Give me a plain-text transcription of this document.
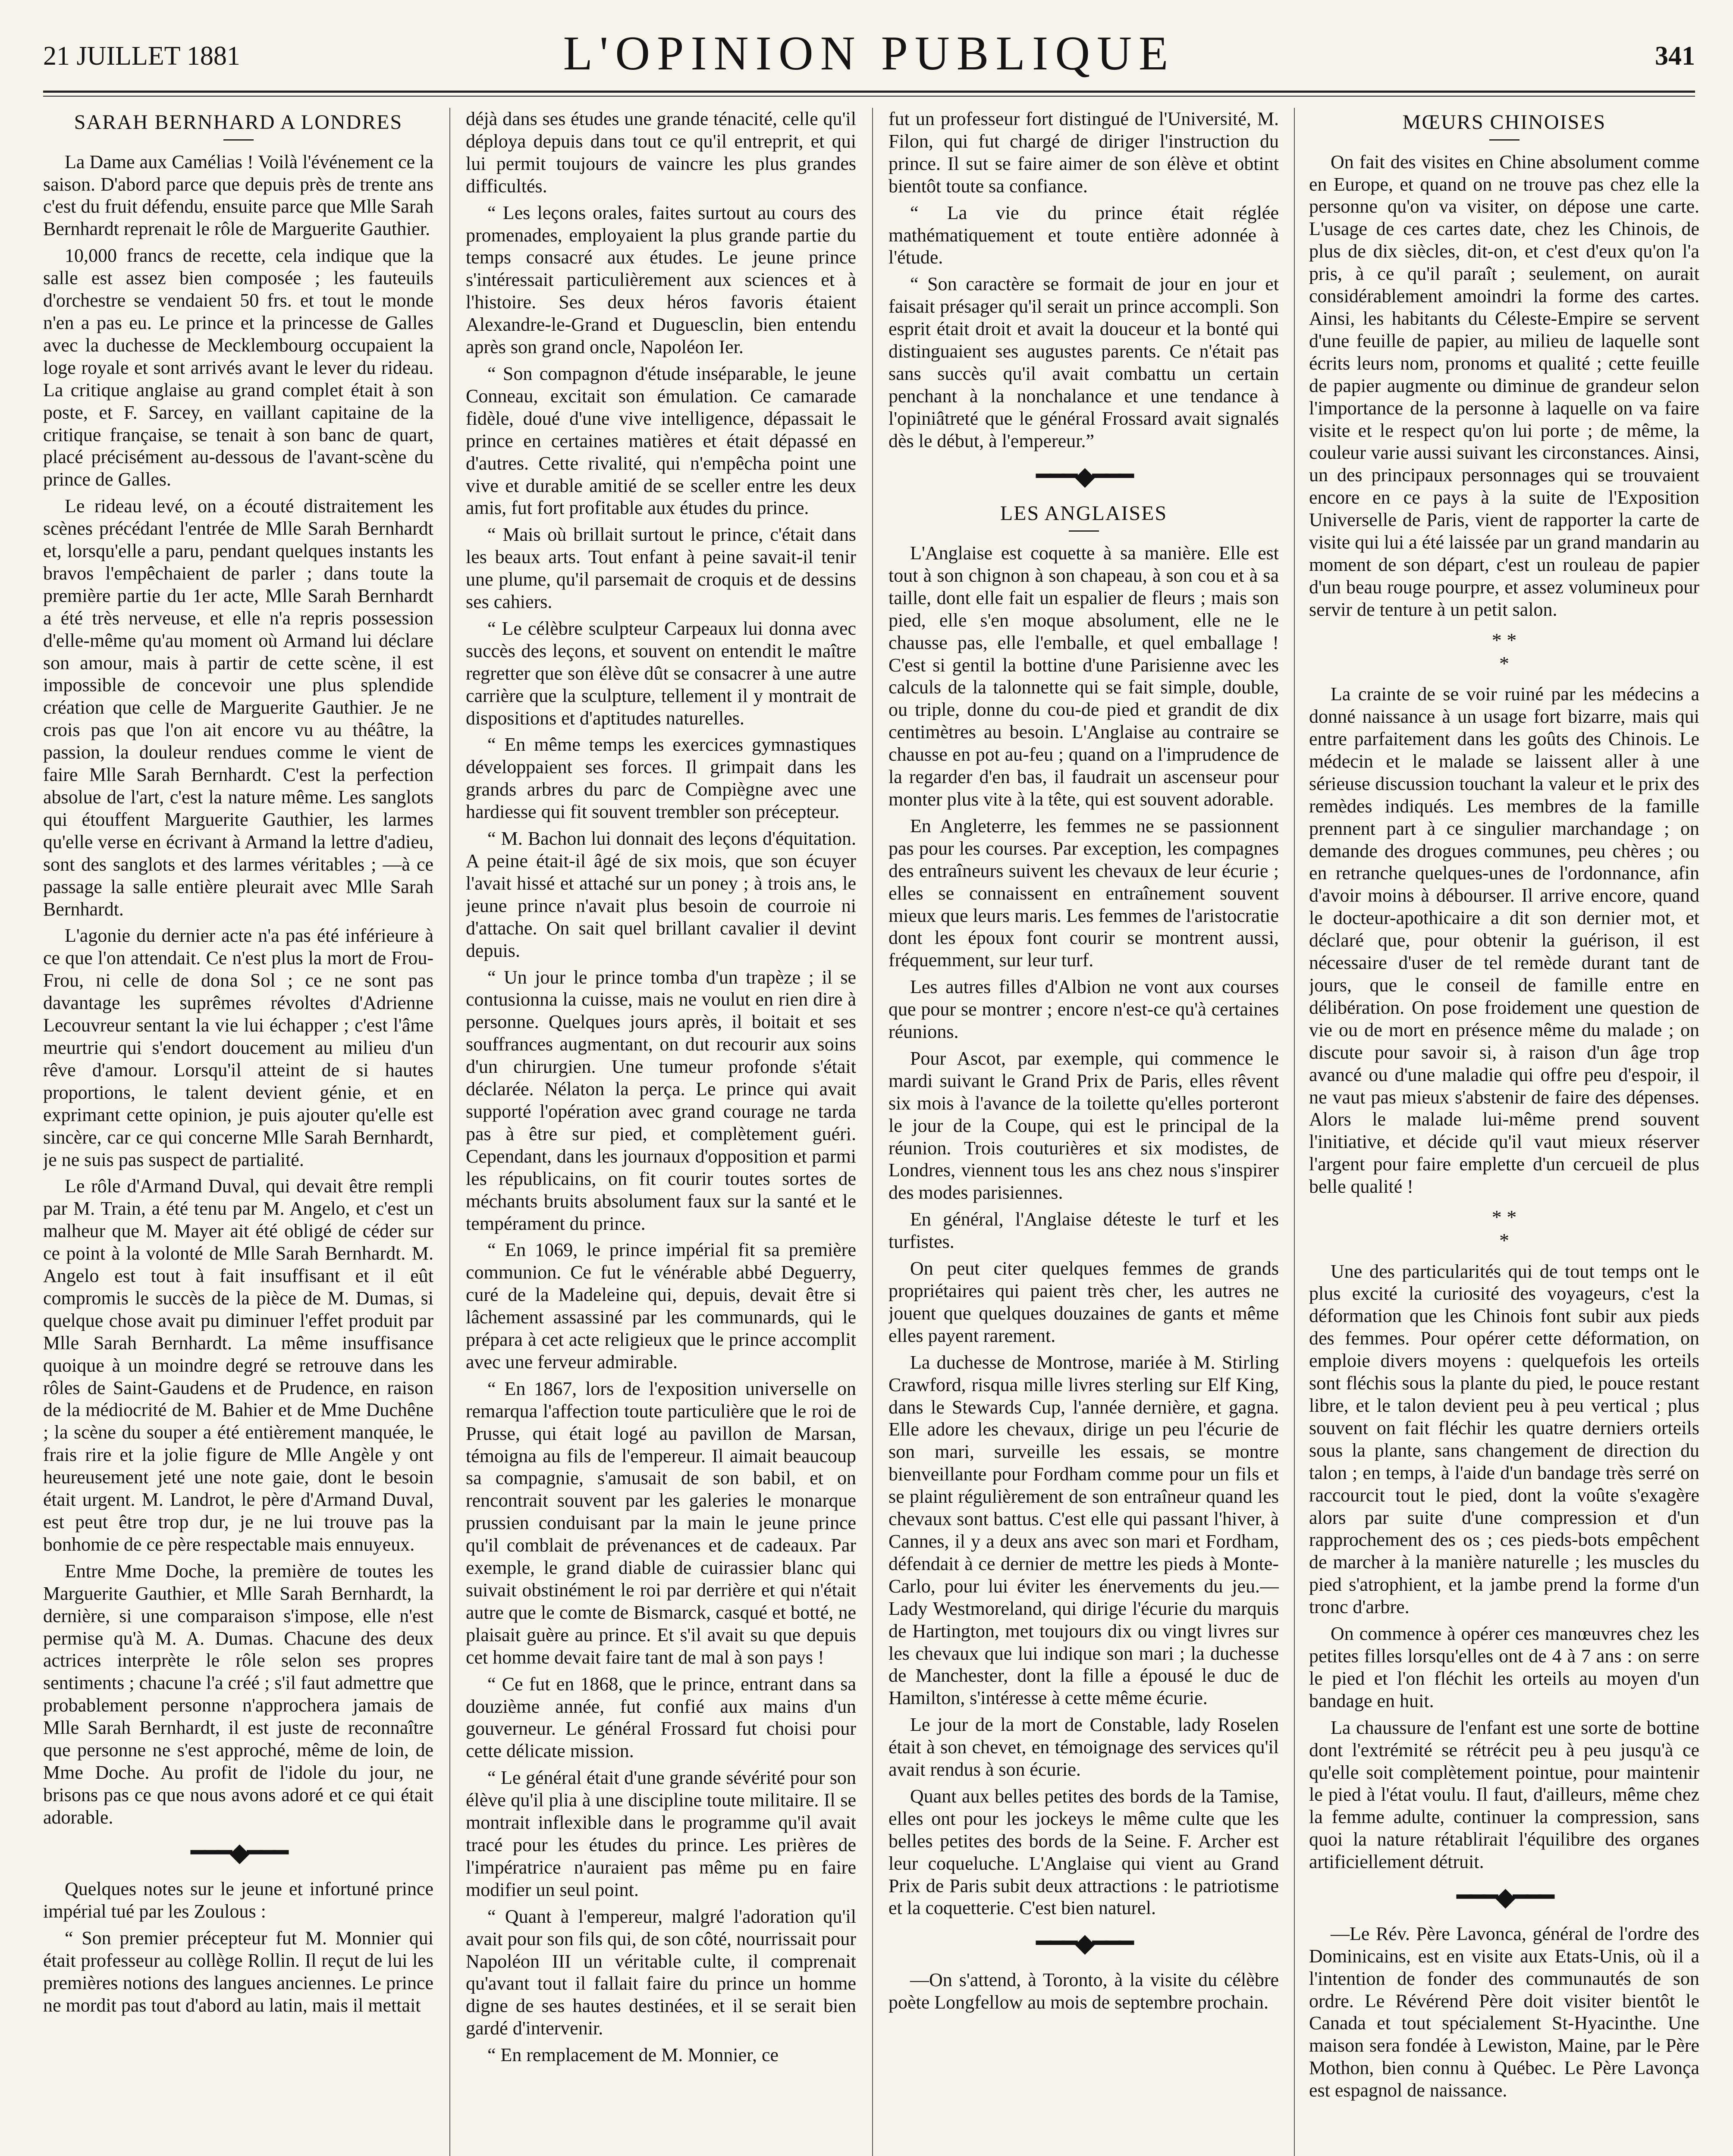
21 JUILLET 1881	L'OPINION PUBLIQUE	341
SARAH BERNHARD A LONDRES

La Dame aux Camélias ! Voilà l'événement ce la saison. D'abord parce que depuis près de trente ans c'est du fruit défendu, ensuite parce que Mlle Sarah Bernhardt reprenait le rôle de Marguerite Gauthier.

10,000 francs de recette, cela indique que la salle est assez bien composée ; les fauteuils d'orchestre se vendaient 50 frs. et tout le monde n'en a pas eu. Le prince et la princesse de Galles avec la duchesse de Mecklembourg occupaient la loge royale et sont arrivés avant le lever du rideau. La critique anglaise au grand complet était à son poste, et F. Sarcey, en vaillant capitaine de la critique française, se tenait à son banc de quart, placé précisément au-dessous de l'avant-scène du prince de Galles.

Le rideau levé, on a écouté distraitement les scènes précédant l'entrée de Mlle Sarah Bernhardt et, lorsqu'elle a paru, pendant quelques instants les bravos l'empêchaient de parler ; dans toute la première partie du 1er acte, Mlle Sarah Bernhardt a été très nerveuse, et elle n'a repris possession d'elle-même qu'au moment où Armand lui déclare son amour, mais à partir de cette scène, il est impossible de concevoir une plus splendide création que celle de Marguerite Gauthier. Je ne crois pas que l'on ait encore vu au théâtre, la passion, la douleur rendues comme le vient de faire Mlle Sarah Bernhardt. C'est la perfection absolue de l'art, c'est la nature même. Les sanglots qui étouffent Marguerite Gauthier, les larmes qu'elle verse en écrivant à Armand la lettre d'adieu, sont des sanglots et des larmes véritables ; —à ce passage la salle entière pleurait avec Mlle Sarah Bernhardt.

L'agonie du dernier acte n'a pas été inférieure à ce que l'on attendait. Ce n'est plus la mort de Frou-Frou, ni celle de dona Sol ; ce ne sont pas davantage les suprêmes révoltes d'Adrienne Lecouvreur sentant la vie lui échapper ; c'est l'âme meurtrie qui s'endort doucement au milieu d'un rêve d'amour. Lorsqu'il atteint de si hautes proportions, le talent devient génie, et en exprimant cette opinion, je puis ajouter qu'elle est sincère, car ce qui concerne Mlle Sarah Bernhardt, je ne suis pas suspect de partialité.

Le rôle d'Armand Duval, qui devait être rempli par M. Train, a été tenu par M. Angelo, et c'est un malheur que M. Mayer ait été obligé de céder sur ce point à la volonté de Mlle Sarah Bernhardt. M. Angelo est tout à fait insuffisant et il eût compromis le succès de la pièce de M. Dumas, si quelque chose avait pu diminuer l'effet produit par Mlle Sarah Bernhardt. La même insuffisance quoique à un moindre degré se retrouve dans les rôles de Saint-Gaudens et de Prudence, en raison de la médiocrité de M. Bahier et de Mme Duchêne ; la scène du souper a été entièrement manquée, le frais rire et la jolie figure de Mlle Angèle y ont heureusement jeté une note gaie, dont le besoin était urgent. M. Landrot, le père d'Armand Duval, est peut être trop dur, je ne lui trouve pas la bonhomie de ce père respectable mais ennuyeux.

Entre Mme Doche, la première de toutes les Marguerite Gauthier, et Mlle Sarah Bernhardt, la dernière, si une comparaison s'impose, elle n'est permise qu'à M. A. Dumas. Chacune des deux actrices interprète le rôle selon ses propres sentiments ; chacune l'a créé ; s'il faut admettre que probablement personne n'approchera jamais de Mlle Sarah Bernhardt, il est juste de reconnaître que personne ne s'est approché, même de loin, de Mme Doche. Au profit de l'idole du jour, ne brisons pas ce que nous avons adoré et ce qui était adorable.

━━━◆━━━

Quelques notes sur le jeune et infortuné prince impérial tué par les Zoulous :

“ Son premier précepteur fut M. Monnier qui était professeur au collège Rollin. Il reçut de lui les premières notions des langues anciennes. Le prince ne mordit pas tout d'abord au latin, mais il mettait

déjà dans ses études une grande ténacité, celle qu'il déploya depuis dans tout ce qu'il entreprit, et qui lui permit toujours de vaincre les plus grandes difficultés.

“ Les leçons orales, faites surtout au cours des promenades, employaient la plus grande partie du temps consacré aux études. Le jeune prince s'intéressait particulièrement aux sciences et à l'histoire. Ses deux héros favoris étaient Alexandre-le-Grand et Duguesclin, bien entendu après son grand oncle, Napoléon Ier.

“ Son compagnon d'étude inséparable, le jeune Conneau, excitait son émulation. Ce camarade fidèle, doué d'une vive intelligence, dépassait le prince en certaines matières et était dépassé en d'autres. Cette rivalité, qui n'empêcha point une vive et durable amitié de se sceller entre les deux amis, fut fort profitable aux études du prince.

“ Mais où brillait surtout le prince, c'était dans les beaux arts. Tout enfant à peine savait-il tenir une plume, qu'il parsemait de croquis et de dessins ses cahiers.

“ Le célèbre sculpteur Carpeaux lui donna avec succès des leçons, et souvent on entendit le maître regretter que son élève dût se consacrer à une autre carrière que la sculpture, tellement il y montrait de dispositions et d'aptitudes naturelles.

“ En même temps les exercices gymnastiques développaient ses forces. Il grimpait dans les grands arbres du parc de Compiègne avec une hardiesse qui fit souvent trembler son précepteur.

“ M. Bachon lui donnait des leçons d'équitation. A peine était-il âgé de six mois, que son écuyer l'avait hissé et attaché sur un poney ; à trois ans, le jeune prince n'avait plus besoin de courroie ni d'attache. On sait quel brillant cavalier il devint depuis.

“ Un jour le prince tomba d'un trapèze ; il se contusionna la cuisse, mais ne voulut en rien dire à personne. Quelques jours après, il boitait et ses souffrances augmentant, on dut recourir aux soins d'un chirurgien. Une tumeur profonde s'était déclarée. Nélaton la perça. Le prince qui avait supporté l'opération avec grand courage ne tarda pas à être sur pied, et complètement guéri. Cependant, dans les journaux d'opposition et parmi les républicains, on fit courir toutes sortes de méchants bruits absolument faux sur la santé et le tempérament du prince.

“ En 1069, le prince impérial fit sa première communion. Ce fut le vénérable abbé Deguerry, curé de la Madeleine qui, depuis, devait être si lâchement assassiné par les communards, qui le prépara à cet acte religieux que le prince accomplit avec une ferveur admirable.

“ En 1867, lors de l'exposition universelle on remarqua l'affection toute particulière que le roi de Prusse, qui était logé au pavillon de Marsan, témoigna au fils de l'empereur. Il aimait beaucoup sa compagnie, s'amusait de son babil, et on rencontrait souvent par les galeries le monarque prussien conduisant par la main le jeune prince qu'il comblait de prévenances et de cadeaux. Par exemple, le grand diable de cuirassier blanc qui suivait obstinément le roi par derrière et qui n'était autre que le comte de Bismarck, casqué et botté, ne plaisait guère au prince. Et s'il avait su que depuis cet homme devait faire tant de mal à son pays !

“ Ce fut en 1868, que le prince, entrant dans sa douzième année, fut confié aux mains d'un gouverneur. Le général Frossard fut choisi pour cette délicate mission.

“ Le général était d'une grande sévérité pour son élève qu'il plia à une discipline toute militaire. Il se montrait inflexible dans le programme qu'il avait tracé pour les études du prince. Les prières de l'impératrice n'auraient pas même pu en faire modifier un seul point.

“ Quant à l'empereur, malgré l'adoration qu'il avait pour son fils qui, de son côté, nourrissait pour Napoléon III un véritable culte, il comprenait qu'avant tout il fallait faire du prince un homme digne de ses hautes destinées, et il se serait bien gardé d'intervenir.

“ En remplacement de M. Monnier, ce

fut un professeur fort distingué de l'Université, M. Filon, qui fut chargé de diriger l'instruction du prince. Il sut se faire aimer de son élève et obtint bientôt toute sa confiance.

“ La vie du prince était réglée mathématiquement et toute entière adonnée à l'étude.

“ Son caractère se formait de jour en jour et faisait présager qu'il serait un prince accompli. Son esprit était droit et avait la douceur et la bonté qui distinguaient ses augustes parents. Ce n'était pas sans succès qu'il avait combattu un certain penchant à la nonchalance et une tendance à l'opiniâtreté que le général Frossard avait signalés dès le début, à l'empereur.”

━━━◆━━━
LES ANGLAISES

L'Anglaise est coquette à sa manière. Elle est tout à son chignon à son chapeau, à son cou et à sa taille, dont elle fait un espalier de fleurs ; mais son pied, elle s'en moque absolument, elle ne le chausse pas, elle l'emballe, et quel emballage ! C'est si gentil la bottine d'une Parisienne avec les calculs de la talonnette qui se fait simple, double, ou triple, donne du cou-de pied et grandit de dix centimètres au besoin. L'Anglaise au contraire se chausse en pot au-feu ; quand on a l'imprudence de la regarder d'en bas, il faudrait un ascenseur pour monter plus vite à la tête, qui est souvent adorable.

En Angleterre, les femmes ne se passionnent pas pour les courses. Par exception, les compagnes des entraîneurs suivent les chevaux de leur écurie ; elles se connaissent en entraînement souvent mieux que leurs maris. Les femmes de l'aristocratie dont les époux font courir se montrent aussi, fréquemment, sur leur turf.

Les autres filles d'Albion ne vont aux courses que pour se montrer ; encore n'est-ce qu'à certaines réunions.

Pour Ascot, par exemple, qui commence le mardi suivant le Grand Prix de Paris, elles rêvent six mois à l'avance de la toilette qu'elles porteront le jour de la Coupe, qui est le principal de la réunion. Trois couturières et six modistes, de Londres, viennent tous les ans chez nous s'inspirer des modes parisiennes.

En général, l'Anglaise déteste le turf et les turfistes.

On peut citer quelques femmes de grands propriétaires qui paient très cher, les autres ne jouent que quelques douzaines de gants et même elles payent rarement.

La duchesse de Montrose, mariée à M. Stirling Crawford, risqua mille livres sterling sur Elf King, dans le Stewards Cup, l'année dernière, et gagna. Elle adore les chevaux, dirige un peu l'écurie de son mari, surveille les essais, se montre bienveillante pour Fordham comme pour un fils et se plaint régulièrement de son entraîneur quand les chevaux sont battus. C'est elle qui passant l'hiver, à Cannes, il y a deux ans avec son mari et Fordham, défendait à ce dernier de mettre les pieds à Monte-Carlo, pour lui éviter les énervements du jeu.—Lady Westmoreland, qui dirige l'écurie du marquis de Hartington, met toujours dix ou vingt livres sur les chevaux que lui indique son mari ; la duchesse de Manchester, dont la fille a épousé le duc de Hamilton, s'intéresse à cette même écurie.

Le jour de la mort de Constable, lady Roselen était à son chevet, en témoignage des services qu'il avait rendus à son écurie.

Quant aux belles petites des bords de la Tamise, elles ont pour les jockeys le même culte que les belles petites des bords de la Seine. F. Archer est leur coqueluche. L'Anglaise qui vient au Grand Prix de Paris subit deux attractions : le patriotisme et la coquetterie. C'est bien naturel.

━━━◆━━━

—On s'attend, à Toronto, à la visite du célèbre poète Longfellow au mois de septembre prochain.

MŒURS CHINOISES

On fait des visites en Chine absolument comme en Europe, et quand on ne trouve pas chez elle la personne qu'on va visiter, on dépose une carte. L'usage de ces cartes date, chez les Chinois, de plus de dix siècles, dit-on, et c'est d'eux qu'on l'a pris, à ce qu'il paraît ; seulement, on aurait considérablement amoindri la forme des cartes. Ainsi, les habitants du Céleste-Empire se servent d'une feuille de papier, au milieu de laquelle sont écrits leurs nom, pronoms et qualité ; cette feuille de papier augmente ou diminue de grandeur selon l'importance de la personne à laquelle on va faire visite et le respect qu'on lui porte ; de même, la couleur varie aussi suivant les circonstances. Ainsi, un des principaux personnages qui se trouvaient encore en ce pays à la suite de l'Exposition Universelle de Paris, vient de rapporter la carte de visite qui lui a été laissée par un grand mandarin au moment de son départ, c'est un rouleau de papier d'un beau rouge pourpre, et assez volumineux pour servir de tenture à un petit salon.

* *
*

La crainte de se voir ruiné par les médecins a donné naissance à un usage fort bizarre, mais qui entre parfaitement dans les goûts des Chinois. Le médecin et le malade se laissent aller à une sérieuse discussion touchant la valeur et le prix des remèdes indiqués. Les membres de la famille prennent part à ce singulier marchandage ; on demande des drogues communes, peu chères ; ou en retranche quelques-unes de l'ordonnance, afin d'avoir moins à débourser. Il arrive encore, quand le docteur-apothicaire a dit son dernier mot, et déclaré que, pour obtenir la guérison, il est nécessaire d'user de tel remède durant tant de jours, que le conseil de famille entre en délibération. On pose froidement une question de vie ou de mort en présence même du malade ; on discute pour savoir si, à raison d'un âge trop avancé ou d'une maladie qui offre peu d'espoir, il ne vaut pas mieux s'abstenir de faire des dépenses. Alors le malade lui-même prend souvent l'initiative, et décide qu'il vaut mieux réserver l'argent pour faire emplette d'un cercueil de plus belle qualité !

* *
*

Une des particularités qui de tout temps ont le plus excité la curiosité des voyageurs, c'est la déformation que les Chinois font subir aux pieds des femmes. Pour opérer cette déformation, on emploie divers moyens : quelquefois les orteils sont fléchis sous la plante du pied, le pouce restant libre, et le talon devient peu à peu vertical ; plus souvent on fait fléchir les quatre derniers orteils sous la plante, sans changement de direction du talon ; en temps, à l'aide d'un bandage très serré on raccourcit tout le pied, dont la voûte s'exagère alors par suite d'une compression et d'un rapprochement des os ; ces pieds-bots empêchent de marcher à la manière naturelle ; les muscles du pied s'atrophient, et la jambe prend la forme d'un tronc d'arbre.

On commence à opérer ces manœuvres chez les petites filles lorsqu'elles ont de 4 à 7 ans : on serre le pied et l'on fléchit les orteils au moyen d'un bandage en huit.

La chaussure de l'enfant est une sorte de bottine dont l'extrémité se rétrécit peu à peu jusqu'à ce qu'elle soit complètement pointue, pour maintenir le pied à l'état voulu. Il faut, d'ailleurs, même chez la femme adulte, continuer la compression, sans quoi la nature rétablirait l'équilibre des organes artificiellement détruit.

━━━◆━━━

—Le Rév. Père Lavonca, général de l'ordre des Dominicains, est en visite aux Etats-Unis, où il a l'intention de fonder des communautés de son ordre. Le Révérend Père doit visiter bientôt le Canada et tout spécialement St-Hyacinthe. Une maison sera fondée à Lewiston, Maine, par le Père Mothon, bien connu à Québec. Le Père Lavonça est espagnol de naissance.
